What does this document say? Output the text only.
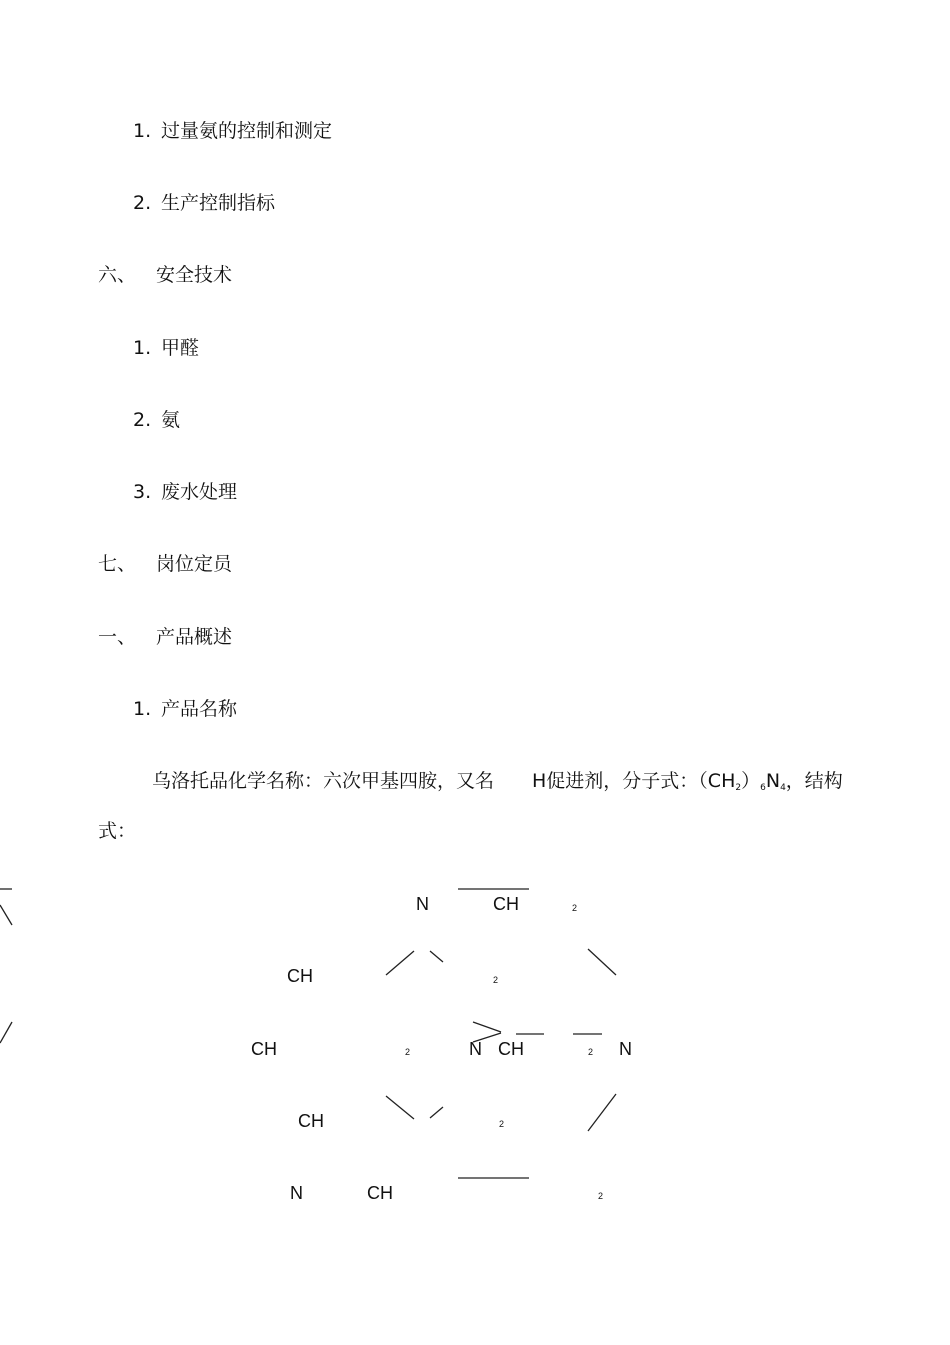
1. 过量氨的控制和测定
2. 生产控制指标
六、 安全技术
1. 甲醛
2. 氨
3. 废水处理
七、 岗位定员
一、 产品概述
1. 产品名称
乌洛托品化学名称：六次甲基四胺，又名 H促进剂，分子式：$(CH_2)_6N_4$，结构
式：
N	CH	2
CH	2
CH	2	N CH	2 N
CH	2
N	CH	2
